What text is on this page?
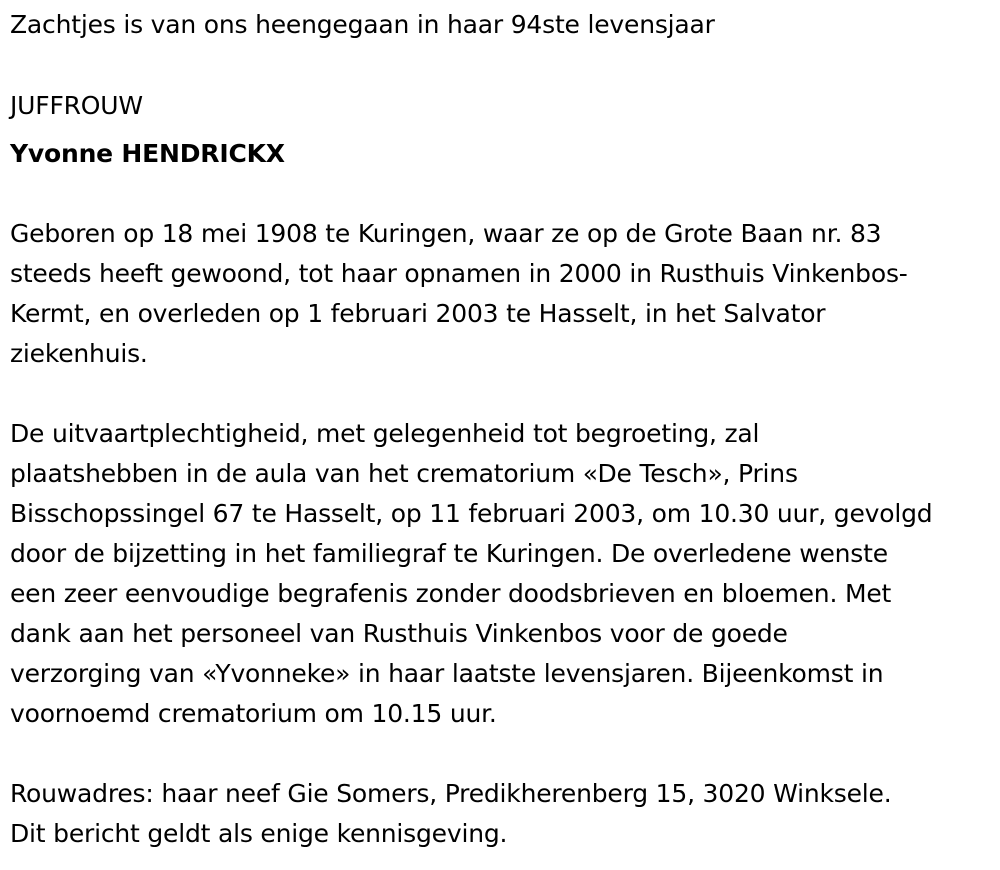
Zachtjes is van ons heengegaan in haar 94ste levensjaar
JUFFROUW
Yvonne HENDRICKX
Geboren op 18 mei 1908 te Kuringen, waar ze op de Grote Baan nr. 83
steeds heeft gewoond, tot haar opnamen in 2000 in Rusthuis Vinkenbos-
Kermt, en overleden op 1 februari 2003 te Hasselt, in het Salvator
ziekenhuis.
De uitvaartplechtigheid, met gelegenheid tot begroeting, zal
plaatshebben in de aula van het crematorium «De Tesch», Prins
Bisschopssingel 67 te Hasselt, op 11 februari 2003, om 10.30 uur, gevolgd
door de bijzetting in het familiegraf te Kuringen. De overledene wenste
een zeer eenvoudige begrafenis zonder doodsbrieven en bloemen. Met
dank aan het personeel van Rusthuis Vinkenbos voor de goede
verzorging van «Yvonneke» in haar laatste levensjaren. Bijeenkomst in
voornoemd crematorium om 10.15 uur.
Rouwadres: haar neef Gie Somers, Predikherenberg 15, 3020 Winksele.
Dit bericht geldt als enige kennisgeving.
